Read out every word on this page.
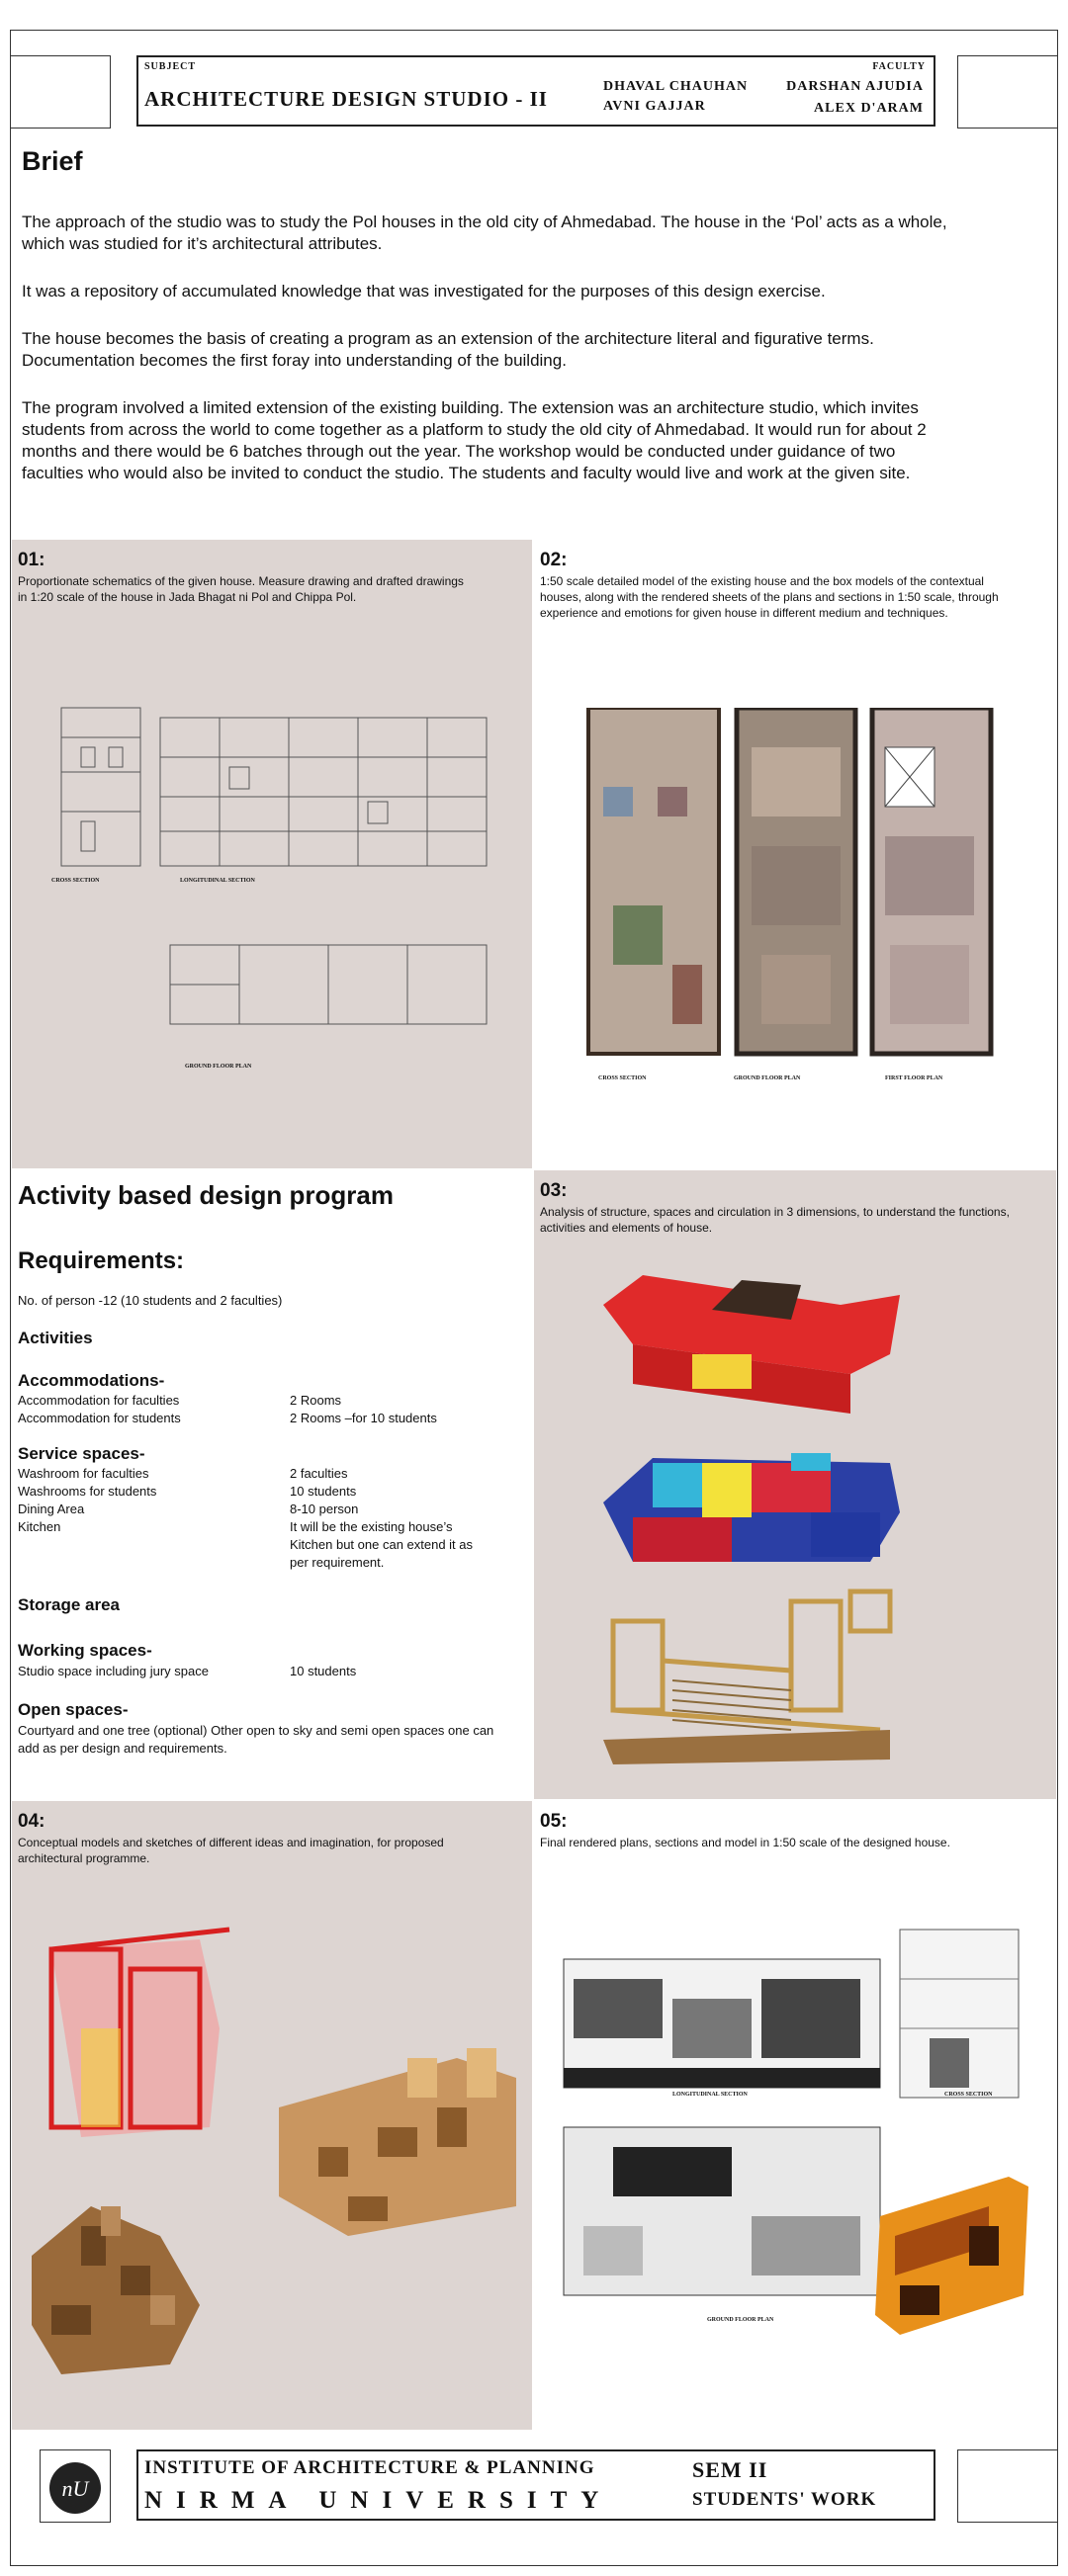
SUBJECT
ARCHITECTURE DESIGN STUDIO - II
FACULTY
DHAVAL CHAUHAN	DARSHAN AJUDIA
AVNI GAJJAR	ALEX D'ARAM
Brief

The approach of the studio was to study the Pol houses in the old city of Ahmedabad. The house in the ‘Pol’ acts as a whole, which was studied for it’s architectural attributes.

It was a repository of accumulated knowledge that was investigated for the purposes of this design exercise.

The house becomes the basis of creating a program as an extension of the architecture literal and figurative terms. Documentation becomes the first foray into understanding of the building.

The program involved a limited extension of the existing building. The extension was an architecture studio, which invites students from across the world to come together as a platform to study the old city of Ahmedabad. It would run for about 2 months and there would be 6 batches through out the year. The workshop would be conducted under guidance of two faculties who would also be invited to conduct the studio. The students and faculty would live and work at the given site.

01:

Proportionate schematics of the given house. Measure drawing and drafted drawings in 1:20 scale of the house in Jada Bhagat ni Pol and Chippa Pol.

CROSS SECTION	LONGITUDINAL SECTION
GROUND FLOOR PLAN

02:

1:50 scale detailed model of the existing house and the box models of the contextual houses, along with the rendered sheets of the plans and sections in 1:50 scale, through experience and emotions for given house in different medium and techniques.

CROSS SECTION	GROUND FLOOR PLAN	FIRST FLOOR PLAN
Activity based design program
Requirements:
No. of person -12 (10 students and 2 faculties)
Activities
Accommodations-
Accommodation for faculties	2 Rooms
Accommodation for students	2 Rooms –for 10 students
Service spaces-
Washroom for faculties	2 faculties
Washrooms for students	10 students
Dining Area	8-10 person
Kitchen	It will be the existing house’s Kitchen but one can extend it as per requirement.
Storage area
Working spaces-
Studio space including jury space	10 students
Open spaces-
Courtyard and one tree (optional) Other open to sky and semi open spaces one can add as per design and requirements.

03:

Analysis of structure, spaces and circulation in 3 dimensions, to understand the functions, activities and elements of house.

04:

Conceptual models and sketches of different ideas and imagination, for proposed architectural programme.

05:

Final rendered plans, sections and model in 1:50 scale of the designed house.

LONGITUDINAL SECTION	CROSS SECTION
GROUND FLOOR PLAN
nU
INSTITUTE OF ARCHITECTURE & PLANNING
NIRMA UNIVERSITY
SEM II
STUDENTS' WORK
